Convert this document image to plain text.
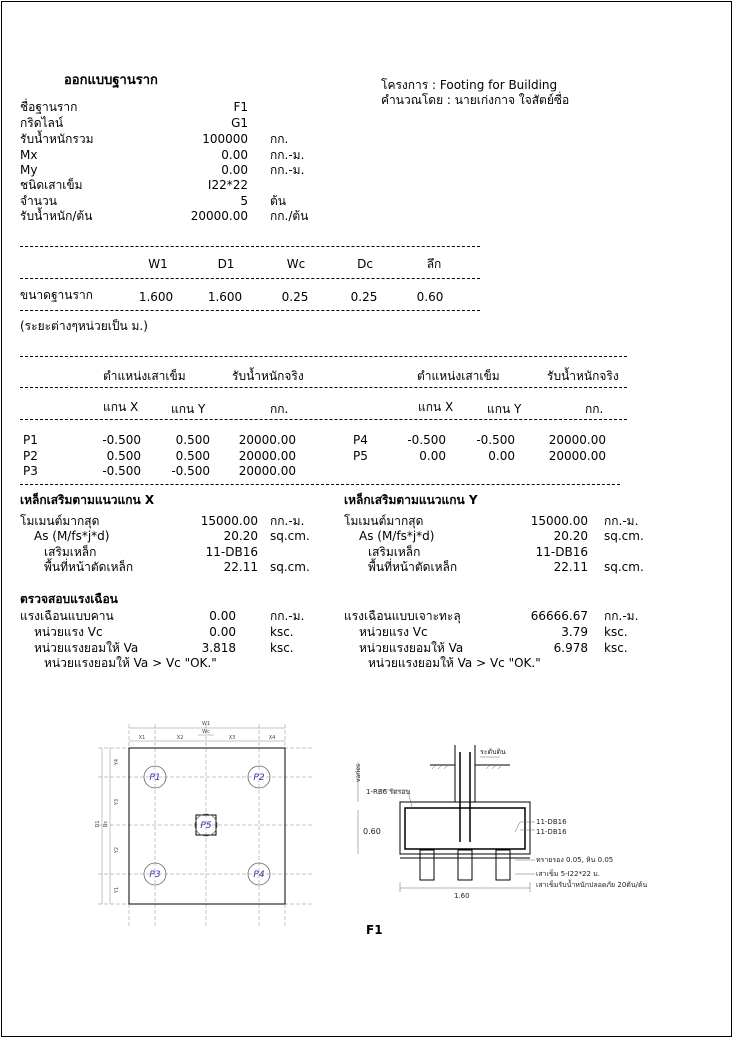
ออกแบบฐานราก	โครงการ : Footing for Building
คำนวณโดย : นายเก่งกาจ ใจสัตย์ซื่อ
ชื่อฐานราก	F1
กริดไลน์	G1
รับน้ำหนักรวม	100000 กก.
Mx	0.00 กก.-ม.
My	0.00 กก.-ม.
ชนิดเสาเข็ม	I22*22
จำนวน	5 ต้น
รับน้ำหนัก/ต้น	20000.00 กก./ต้น
W1	D1	Wc	Dc	ลึก
ขนาดฐานราก	1.600	1.600	0.25	0.25	0.60
(ระยะต่างๆหน่วยเป็น ม.)
ตำแหน่งเสาเข็ม	รับน้ำหนักจริง	ตำแหน่งเสาเข็ม	รับน้ำหนักจริง
แกน X	แกน Y	กก.	แกน X	แกน Y	กก.
P1	-0.500	0.500	20000.00
P2	0.500	0.500	20000.00
P3	-0.500	-0.500	20000.00
P4	-0.500	-0.500	20000.00
P5	0.00	0.00	20000.00
เหล็กเสริมตามแนวแกน X
โมเมนต์มากสุด	15000.00 กก.-ม.
As (M/fs*j*d)	20.20 sq.cm.
เสริมเหล็ก	11-DB16
พื้นที่หน้าตัดเหล็ก	22.11 sq.cm.
เหล็กเสริมตามแนวแกน Y
โมเมนต์มากสุด	15000.00 กก.-ม.
As (M/fs*j*d)	20.20 sq.cm.
เสริมเหล็ก	11-DB16
พื้นที่หน้าตัดเหล็ก	22.11 sq.cm.
ตรวจสอบแรงเฉือน
แรงเฉือนแบบคาน	0.00	กก.-ม.
หน่วยแรง Vc	0.00	ksc.
หน่วยแรงยอมให้ Va	3.818	ksc.
หน่วยแรงยอมให้ Va > Vc "OK."
แรงเฉือนแบบเจาะทะลุ	66666.67 กก.-ม.
หน่วยแรง Vc	3.79 ksc.
หน่วยแรงยอมให้ Va	6.978 ksc.
หน่วยแรงยอมให้ Va > Vc "OK."
P1	P2
P5
P3	P4
W1
Wc
X1	X2	X3	X4
D1 Dc
Y1
Y2
Y3
Y4
ระดับดิน
varies
1-RB6 รัดรอบ
11-DB16
11-DB16
ทรายรอง 0.05, หิน 0.05
เสาเข็ม 5-I22*22 ม.
เสาเข็มรับน้ำหนักปลอดภัย 20ตัน/ต้น
1.60
0.60
F1
